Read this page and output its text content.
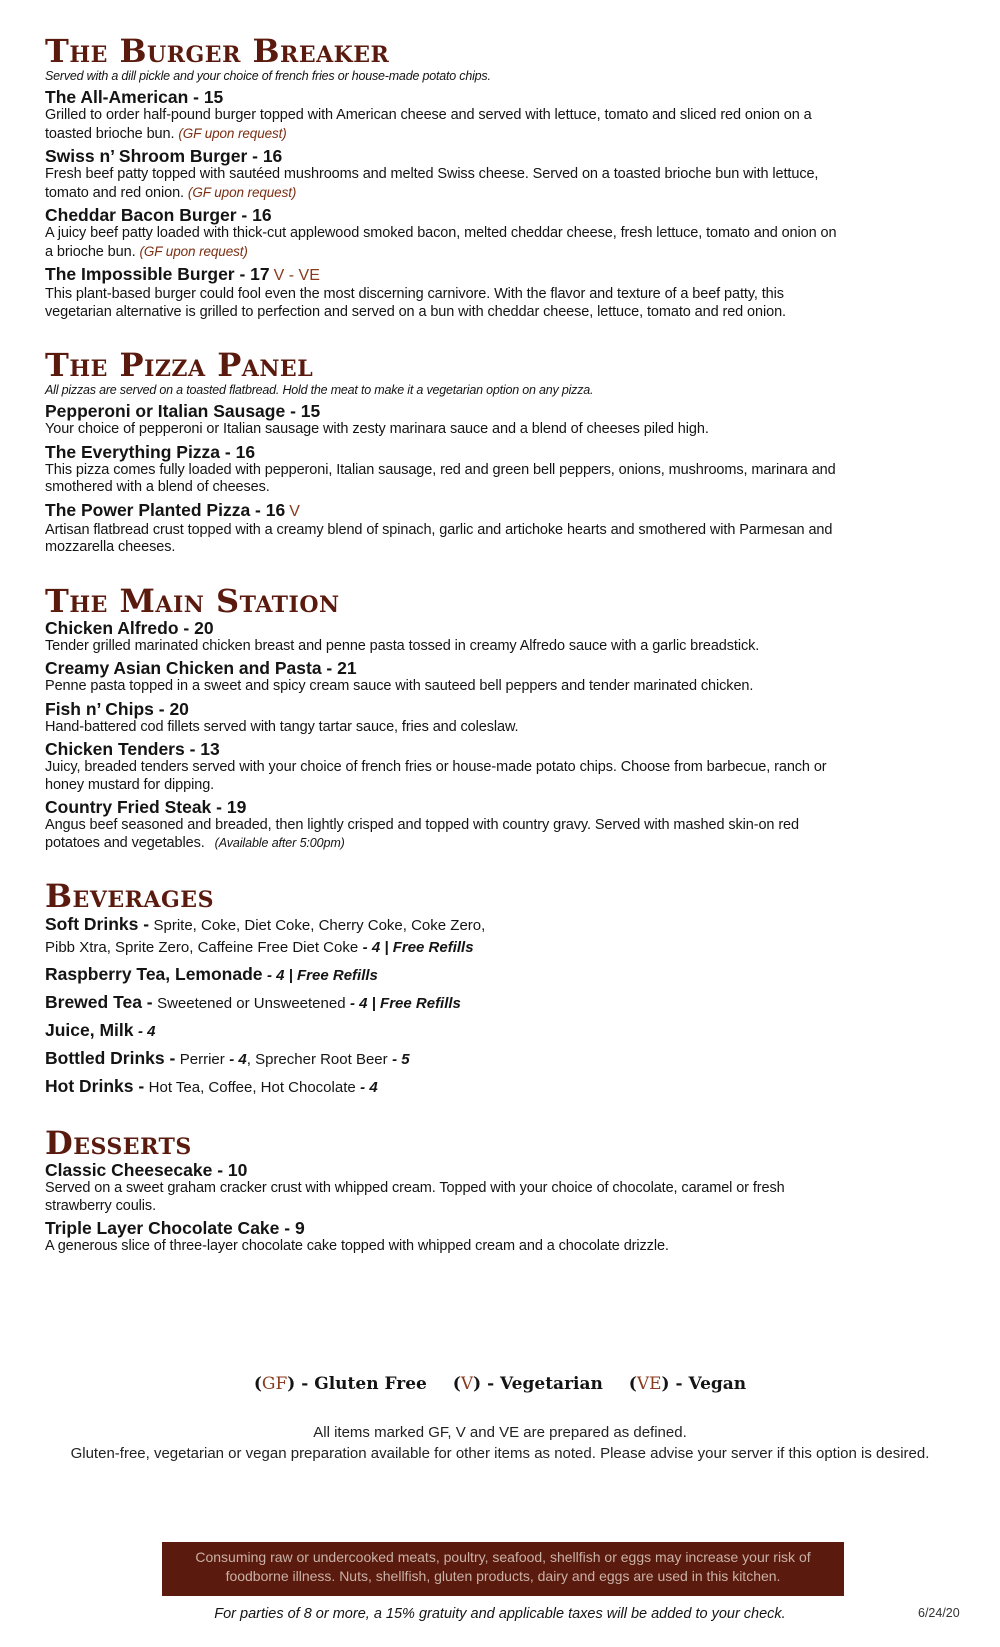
The Burger Breaker
Served with a dill pickle and your choice of french fries or house-made potato chips.
The All-American - 15
Grilled to order half-pound burger topped with American cheese and served with lettuce, tomato and sliced red onion on a toasted brioche bun. (GF upon request)
Swiss n’ Shroom Burger - 16
Fresh beef patty topped with sautéed mushrooms and melted Swiss cheese. Served on a toasted brioche bun with lettuce, tomato and red onion. (GF upon request)
Cheddar Bacon Burger - 16
A juicy beef patty loaded with thick-cut applewood smoked bacon, melted cheddar cheese, fresh lettuce, tomato and onion on a brioche bun. (GF upon request)
The Impossible Burger - 17 V - VE
This plant-based burger could fool even the most discerning carnivore. With the flavor and texture of a beef patty, this vegetarian alternative is grilled to perfection and served on a bun with cheddar cheese, lettuce, tomato and red onion.
The Pizza Panel
All pizzas are served on a toasted flatbread. Hold the meat to make it a vegetarian option on any pizza.
Pepperoni or Italian Sausage - 15
Your choice of pepperoni or Italian sausage with zesty marinara sauce and a blend of cheeses piled high.
The Everything Pizza - 16
This pizza comes fully loaded with pepperoni, Italian sausage, red and green bell peppers, onions, mushrooms, marinara and smothered with a blend of cheeses.
The Power Planted Pizza - 16 V
Artisan flatbread crust topped with a creamy blend of spinach, garlic and artichoke hearts and smothered with Parmesan and mozzarella cheeses.
The Main Station
Chicken Alfredo - 20
Tender grilled marinated chicken breast and penne pasta tossed in creamy Alfredo sauce with a garlic breadstick.
Creamy Asian Chicken and Pasta - 21
Penne pasta topped in a sweet and spicy cream sauce with sauteed bell peppers and tender marinated chicken.
Fish n’ Chips - 20
Hand-battered cod fillets served with tangy tartar sauce, fries and coleslaw.
Chicken Tenders - 13
Juicy, breaded tenders served with your choice of french fries or house-made potato chips. Choose from barbecue, ranch or honey mustard for dipping.
Country Fried Steak - 19
Angus beef seasoned and breaded, then lightly crisped and topped with country gravy. Served with mashed skin-on red potatoes and vegetables. (Available after 5:00pm)
Beverages
Soft Drinks - Sprite, Coke, Diet Coke, Cherry Coke, Coke Zero,
Pibb Xtra, Sprite Zero, Caffeine Free Diet Coke - 4 | Free Refills
Raspberry Tea, Lemonade - 4 | Free Refills
Brewed Tea - Sweetened or Unsweetened - 4 | Free Refills
Juice, Milk - 4
Bottled Drinks - Perrier - 4, Sprecher Root Beer - 5
Hot Drinks - Hot Tea, Coffee, Hot Chocolate - 4
Desserts
Classic Cheesecake - 10
Served on a sweet graham cracker crust with whipped cream. Topped with your choice of chocolate, caramel or fresh strawberry coulis.
Triple Layer Chocolate Cake - 9
A generous slice of three-layer chocolate cake topped with whipped cream and a chocolate drizzle.
(GF) - Gluten Free (V) - Vegetarian (VE) - Vegan
All items marked GF, V and VE are prepared as defined.
Gluten-free, vegetarian or vegan preparation available for other items as noted. Please advise your server if this option is desired.
Consuming raw or undercooked meats, poultry, seafood, shellfish or eggs may increase your risk of
foodborne illness. Nuts, shellfish, gluten products, dairy and eggs are used in this kitchen.
For parties of 8 or more, a 15% gratuity and applicable taxes will be added to your check.	6/24/20
